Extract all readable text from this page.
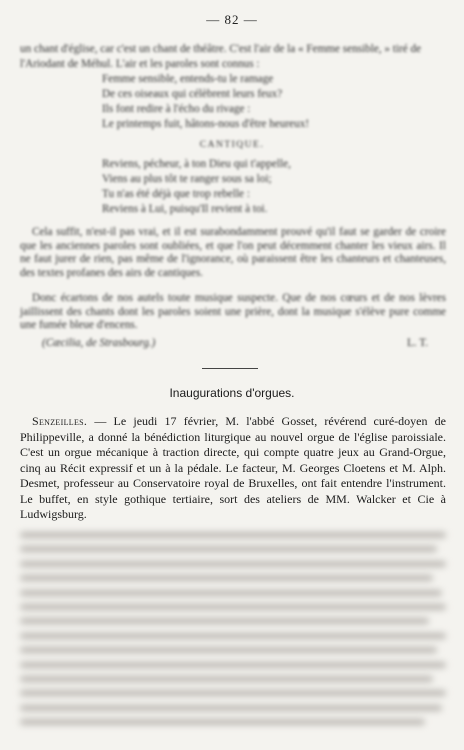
— 82 —

un chant d'église, car c'est un chant de théâtre. C'est l'air de la « Femme sensible, » tiré de l'Ariodant de Méhul. L'air et les paroles sont connus :

Femme sensible, entends-tu le ramage
De ces oiseaux qui célèbrent leurs feux?
Ils font redire à l'écho du rivage :
Le printemps fuit, hâtons-nous d'être heureux!
CANTIQUE.
Reviens, pécheur, à ton Dieu qui t'appelle,
Viens au plus tôt te ranger sous sa loi;
Tu n'as été déjà que trop rebelle :
Reviens à Lui, puisqu'Il revient à toi.

Cela suffit, n'est-il pas vrai, et il est surabondamment prouvé qu'il faut se garder de croire que les anciennes paroles sont oubliées, et que l'on peut décemment chanter les vieux airs. Il ne faut jurer de rien, pas même de l'ignorance, où paraissent être les chanteurs et chanteuses, des textes profanes des airs de cantiques.

Donc écartons de nos autels toute musique suspecte. Que de nos cœurs et de nos lèvres jaillissent des chants dont les paroles soient une prière, dont la musique s'élève pure comme une fumée bleue d'encens.

(Cæcilia, de Strasbourg.)	L. T.
Inaugurations d'orgues.

Senzeilles. — Le jeudi 17 février, M. l'abbé Gosset, révérend curé-doyen de Philippeville, a donné la bénédiction liturgique au nouvel orgue de l'église paroissiale. C'est un orgue mécanique à traction directe, qui compte quatre jeux au Grand-Orgue, cinq au Récit expressif et un à la pédale. Le facteur, M. Georges Cloetens et M. Alph. Desmet, professeur au Conservatoire royal de Bruxelles, ont fait entendre l'instrument. Le buffet, en style gothique tertiaire, sort des ateliers de MM. Walcker et Cie à Ludwigsburg.
